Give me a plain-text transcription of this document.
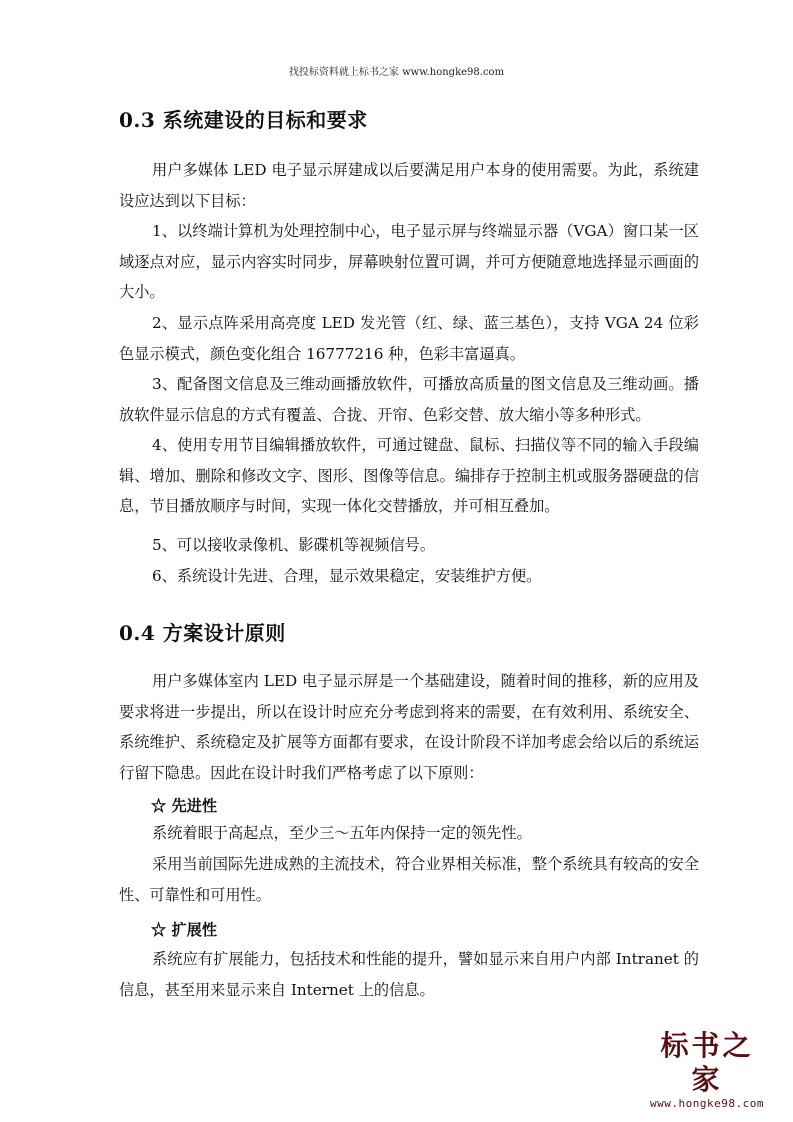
找投标资料就上标书之家 www.hongke98.com
0.3 系统建设的目标和要求

用户多媒体 LED 电子显示屏建成以后要满足用户本身的使用需要。为此，系统建设应达到以下目标：

1、以终端计算机为处理控制中心，电子显示屏与终端显示器（VGA）窗口某一区域逐点对应，显示内容实时同步，屏幕映射位置可调，并可方便随意地选择显示画面的大小。

2、显示点阵采用高亮度 LED 发光管（红、绿、蓝三基色），支持 VGA 24 位彩色显示模式，颜色变化组合 16777216 种，色彩丰富逼真。

3、配备图文信息及三维动画播放软件，可播放高质量的图文信息及三维动画。播放软件显示信息的方式有覆盖、合拢、开帘、色彩交替、放大缩小等多种形式。

4、使用专用节目编辑播放软件，可通过键盘、鼠标、扫描仪等不同的输入手段编辑、增加、删除和修改文字、图形、图像等信息。编排存于控制主机或服务器硬盘的信息，节目播放顺序与时间，实现一体化交替播放，并可相互叠加。

5、可以接收录像机、影碟机等视频信号。

6、系统设计先进、合理，显示效果稳定，安装维护方便。

0.4 方案设计原则

用户多媒体室内 LED 电子显示屏是一个基础建设，随着时间的推移，新的应用及要求将进一步提出，所以在设计时应充分考虑到将来的需要，在有效利用、系统安全、系统维护、系统稳定及扩展等方面都有要求，在设计阶段不详加考虑会给以后的系统运行留下隐患。因此在设计时我们严格考虑了以下原则：

☆ 先进性

系统着眼于高起点，至少三～五年内保持一定的领先性。

采用当前国际先进成熟的主流技术，符合业界相关标准，整个系统具有较高的安全性、可靠性和可用性。

☆ 扩展性

系统应有扩展能力，包括技术和性能的提升，譬如显示来自用户内部 Intranet 的信息，甚至用来显示来自 Internet 上的信息。

标书之家
www.hongke98.com
